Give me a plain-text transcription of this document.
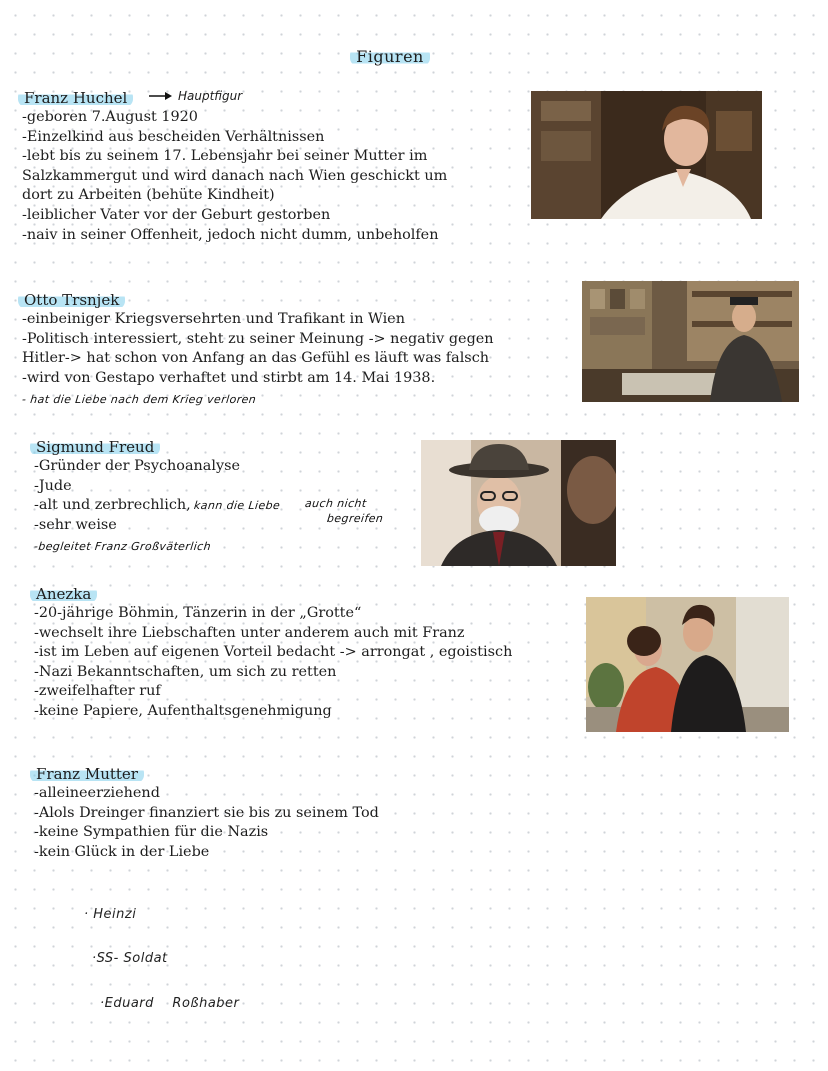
Figuren
Franz Huchel
-geboren 7.August 1920
-Einzelkind aus bescheiden Verhältnissen
-lebt bis zu seinem 17. Lebensjahr bei seiner Mutter im
Salzkammergut und wird danach nach Wien geschickt um
dort zu Arbeiten (behüte Kindheit)
-leiblicher Vater vor der Geburt gestorben
-naiv in seiner Offenheit, jedoch nicht dumm, unbeholfen
Hauptfigur
Otto Trsnjek
-einbeiniger Kriegsversehrten und Trafikant in Wien
-Politisch interessiert, steht zu seiner Meinung -> negativ gegen
Hitler-> hat schon von Anfang an das Gefühl es läuft was falsch
-wird von Gestapo verhaftet und stirbt am 14. Mai 1938.
- hat die Liebe nach dem Krieg verloren
Sigmund Freud
-Gründer der Psychoanalyse
-Jude
-alt und zerbrechlich, kann die Liebe
-sehr weise
-begleitet Franz Großväterlich
auch nicht
begreifen
Anezka
-20-jährige Böhmin, Tänzerin in der „Grotte“
-wechselt ihre Liebschaften unter anderem auch mit Franz
-ist im Leben auf eigenen Vorteil bedacht -> arrongat , egoistisch
-Nazi Bekanntschaften, um sich zu retten
-zweifelhafter ruf
-keine Papiere, Aufenthaltsgenehmigung
Franz Mutter
-alleineerziehend
-Alols Dreinger finanziert sie bis zu seinem Tod
-keine Sympathien für die Nazis
-kein Glück in der Liebe
· Heinzi
·SS- Soldat
·Eduard    Roßhaber
